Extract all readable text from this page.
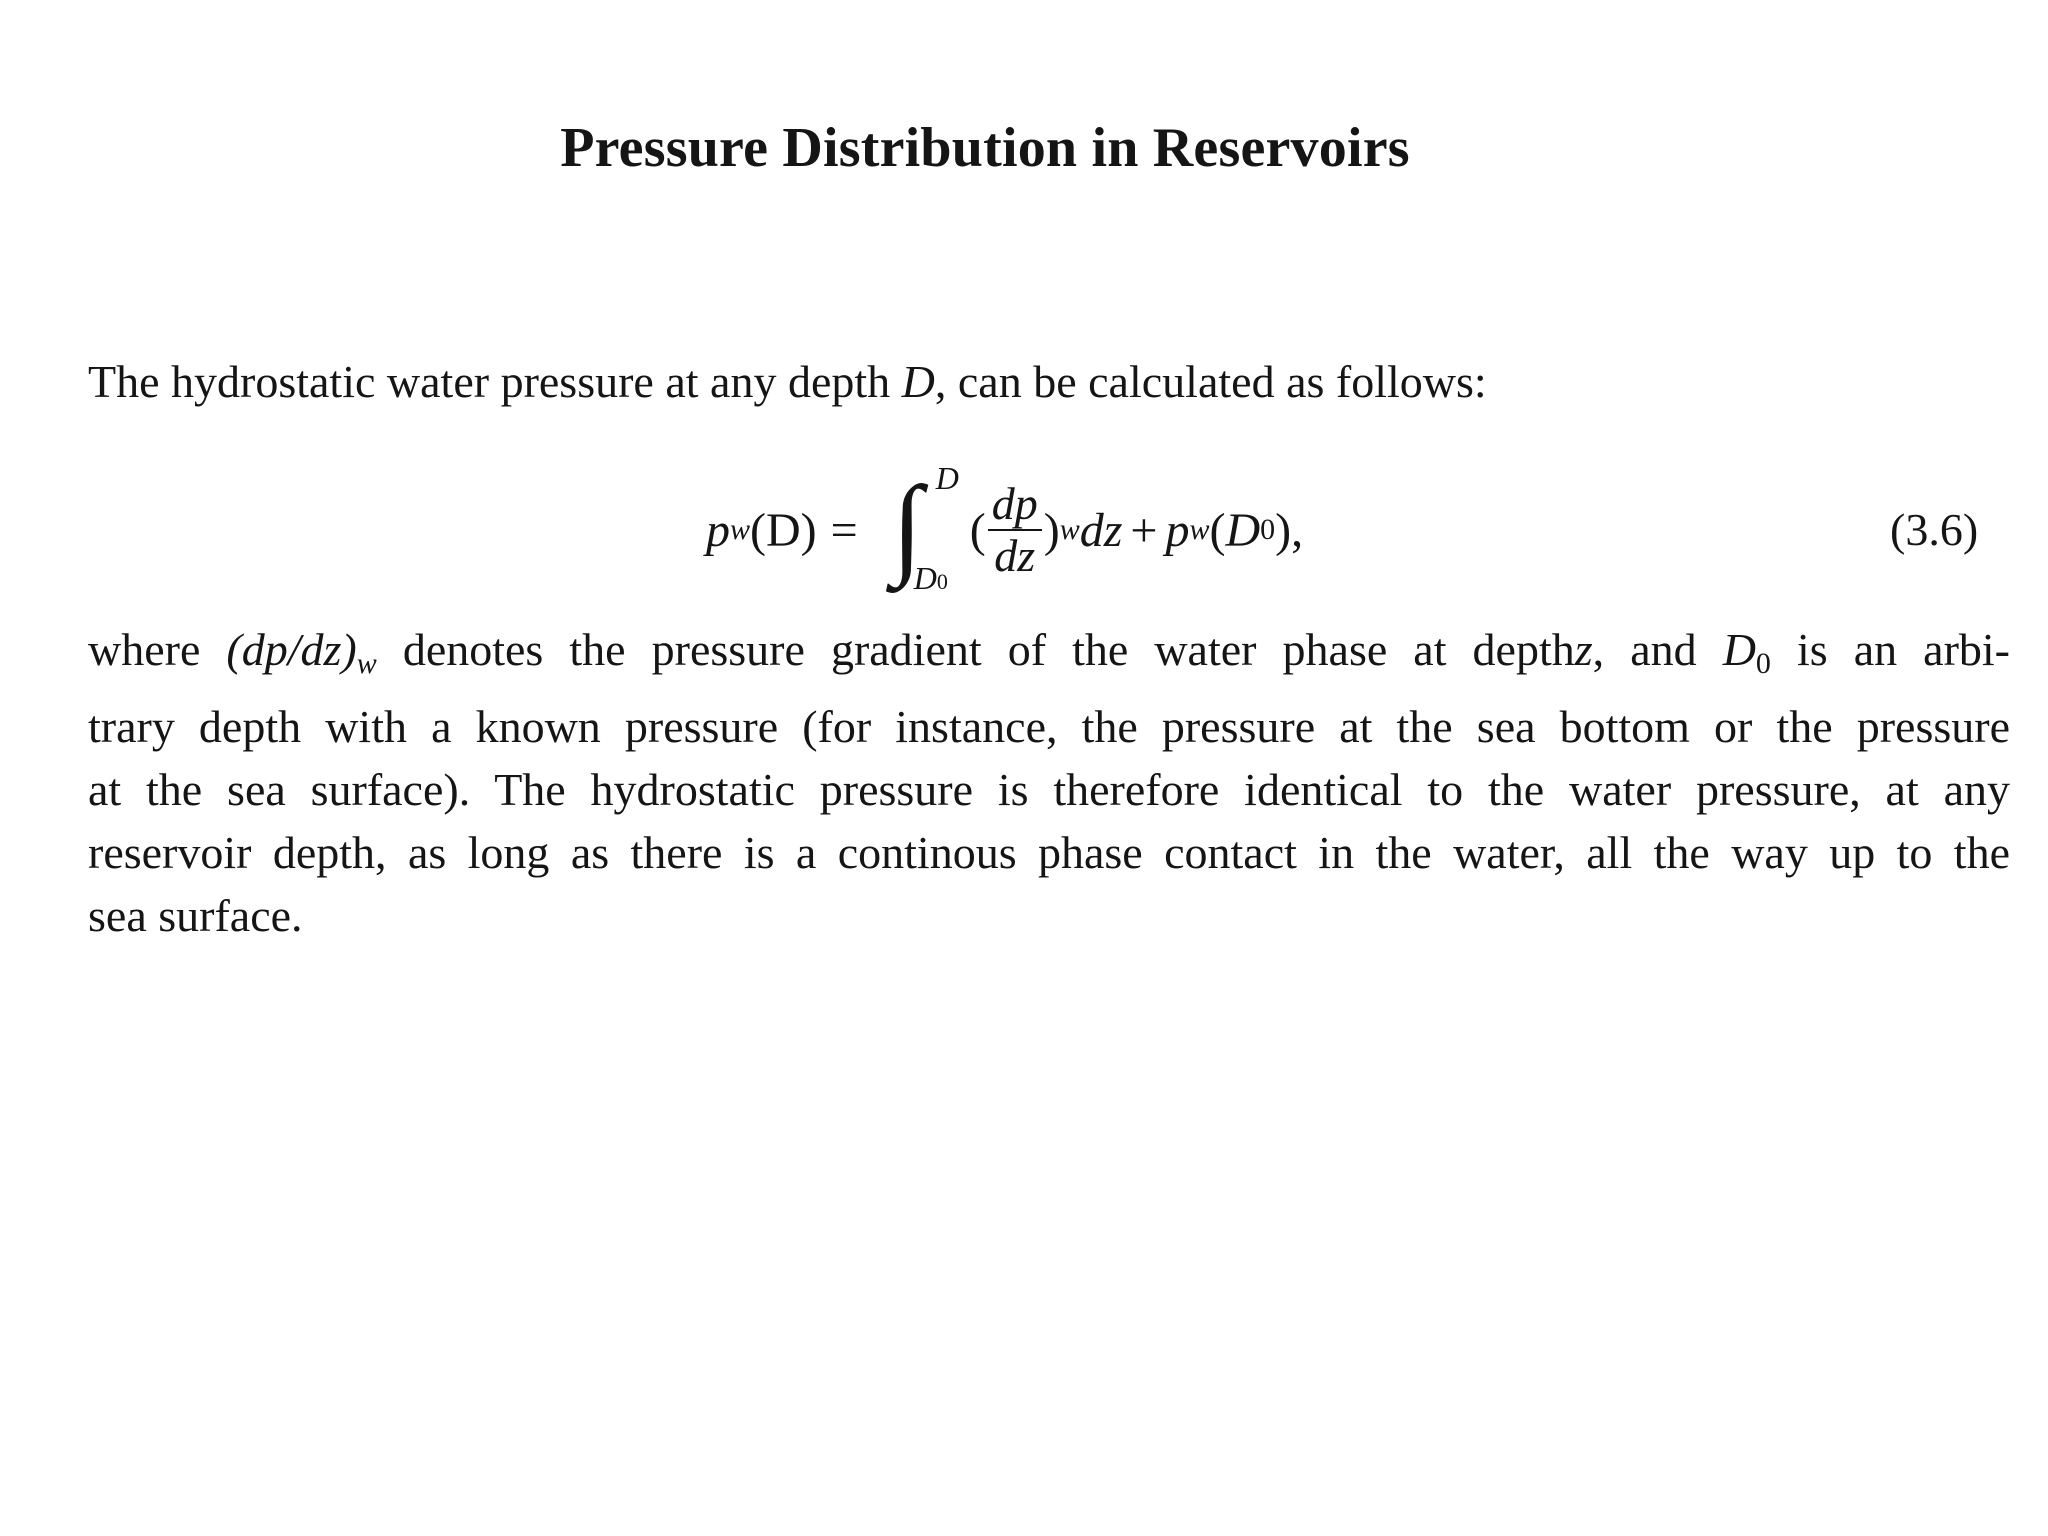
Pressure Distribution in Reservoirs
The hydrostatic water pressure at any depth D, can be calculated as follows:
p w (D) = ∫ D
D0
( $\frac{dp}{dz}$ ) w dz + p w ( D 0 ),	(3.6)
where (dp/dz)w denotes the pressure gradient of the water phase at depthz, and D0 is an arbi-
trary depth with a known pressure (for instance, the pressure at the sea bottom or the pressure
at the sea surface). The hydrostatic pressure is therefore identical to the water pressure, at any
reservoir depth, as long as there is a continous phase contact in the water, all the way up to the
sea surface.
